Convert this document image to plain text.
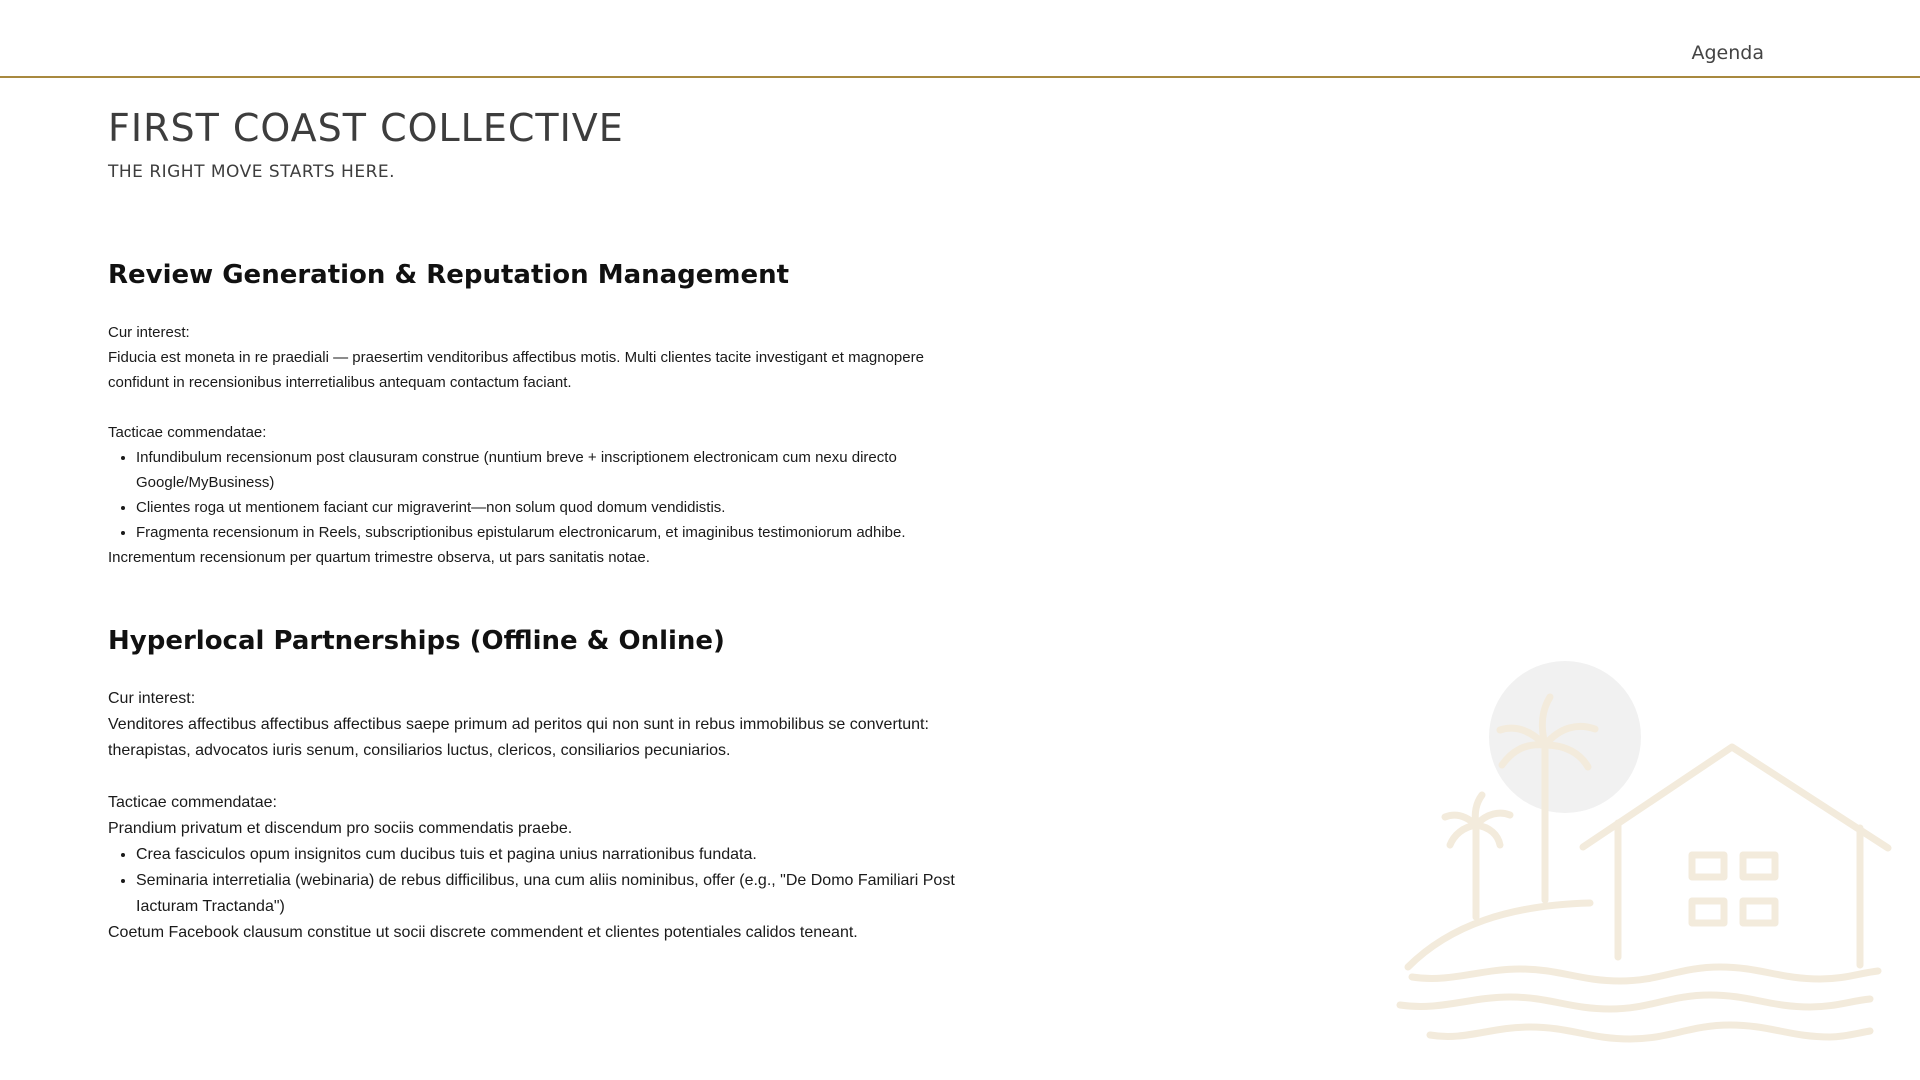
Agenda
FIRST COAST COLLECTIVE
THE RIGHT MOVE STARTS HERE.
Review Generation & Reputation Management

Cur interest:

Fiducia est moneta in re praediali — praesertim venditoribus affectibus motis. Multi clientes tacite investigant et magnopere confidunt in recensionibus interretialibus antequam contactum faciant.

Tacticae commendatae:

• Infundibulum recensionum post clausuram construe (nuntium breve + inscriptionem electronicam cum nexu directo Google/MyBusiness)
• Clientes roga ut mentionem faciant cur migraverint—non solum quod domum vendidistis.
• Fragmenta recensionum in Reels, subscriptionibus epistularum electronicarum, et imaginibus testimoniorum adhibe.

Incrementum recensionum per quartum trimestre observa, ut pars sanitatis notae.

Hyperlocal Partnerships (Offline & Online)

Cur interest:

Venditores affectibus affectibus affectibus saepe primum ad peritos qui non sunt in rebus immobilibus se convertunt: therapistas, advocatos iuris senum, consiliarios luctus, clericos, consiliarios pecuniarios.

Tacticae commendatae:

Prandium privatum et discendum pro sociis commendatis praebe.

• Crea fasciculos opum insignitos cum ducibus tuis et pagina unius narrationibus fundata.
• Seminaria interretialia (webinaria) de rebus difficilibus, una cum aliis nominibus, offer (e.g., "De Domo Familiari Post Iacturam Tractanda")

Coetum Facebook clausum constitue ut socii discrete commendent et clientes potentiales calidos teneant.
